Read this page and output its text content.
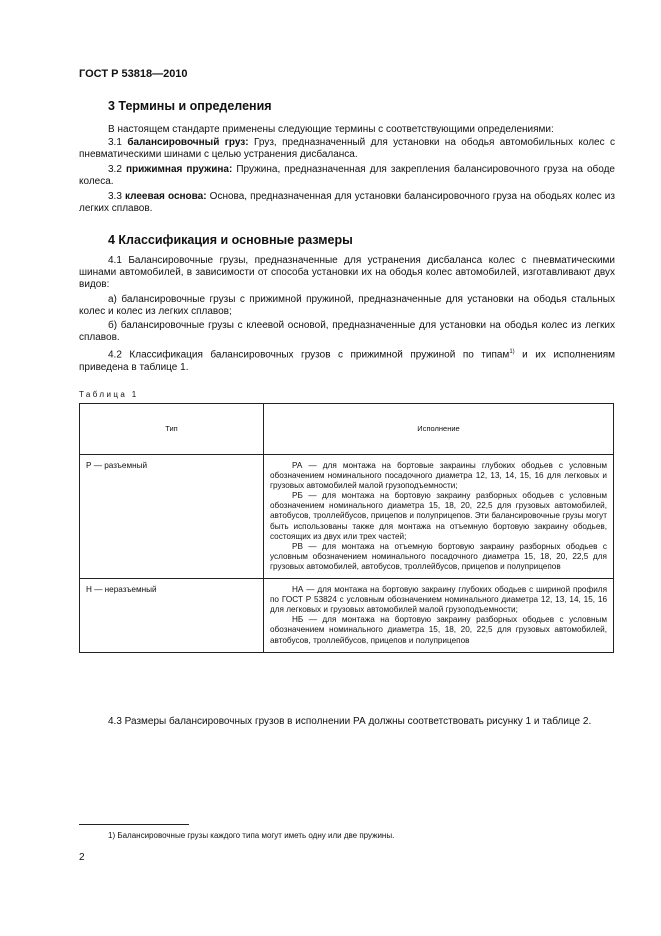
ГОСТ Р 53818—2010
3 Термины и определения
В настоящем стандарте применены следующие термины с соответствующими определениями:
3.1 балансировочный груз: Груз, предназначенный для установки на ободья автомобильных колес с пневматическими шинами с целью устранения дисбаланса.
3.2 прижимная пружина: Пружина, предназначенная для закрепления балансировочного груза на ободе колеса.
3.3 клеевая основа: Основа, предназначенная для установки балансировочного груза на ободьях колес из легких сплавов.
4 Классификация и основные размеры
4.1 Балансировочные грузы, предназначенные для устранения дисбаланса колес с пневматическими шинами автомобилей, в зависимости от способа установки их на ободья колес автомобилей, изготавливают двух видов:
а) балансировочные грузы с прижимной пружиной, предназначенные для установки на ободья стальных колес и колес из легких сплавов;
б) балансировочные грузы с клеевой основой, предназначенные для установки на ободья колес из легких сплавов.
4.2 Классификация балансировочных грузов с прижимной пружиной по типам$^{1)}$ и их исполнениям приведена в таблице 1.
Таблица 1
Тип	Исполнение
Р — разъемный	РА — для монтажа на бортовые закраины глубоких ободьев с условным обозначением номинального посадочного диаметра 12, 13, 14, 15, 16 для легковых и грузовых автомобилей малой грузоподъемности;

РБ — для монтажа на бортовую закраину разборных ободьев с условным обозначением номинального диаметра 15, 18, 20, 22,5 для грузовых автомобилей, автобусов, троллейбусов, прицепов и полуприцепов. Эти балансировочные грузы могут быть использованы также для монтажа на отъемную бортовую закраину ободьев, состоящих из двух или трех частей;

РВ — для монтажа на отъемную бортовую закраину разборных ободьев с условным обозначением номинального посадочного диаметра 15, 18, 20, 22,5 для грузовых автомобилей, автобусов, троллейбусов, прицепов и полуприцепов

Н — неразъемный	НА — для монтажа на бортовую закраину глубоких ободьев с шириной профиля по ГОСТ Р 53824 с условным обозначением номинального диаметра 12, 13, 14, 15, 16 для легковых и грузовых автомобилей малой грузоподъемности;

НБ — для монтажа на бортовую закраину разборных ободьев с условным обозначением номинального диаметра 15, 18, 20, 22,5 для грузовых автомобилей, автобусов, троллейбусов, прицепов и полуприцепов

4.3 Размеры балансировочных грузов в исполнении РА должны соответствовать рисунку 1 и таблице 2.
1) Балансировочные грузы каждого типа могут иметь одну или две пружины.
2
